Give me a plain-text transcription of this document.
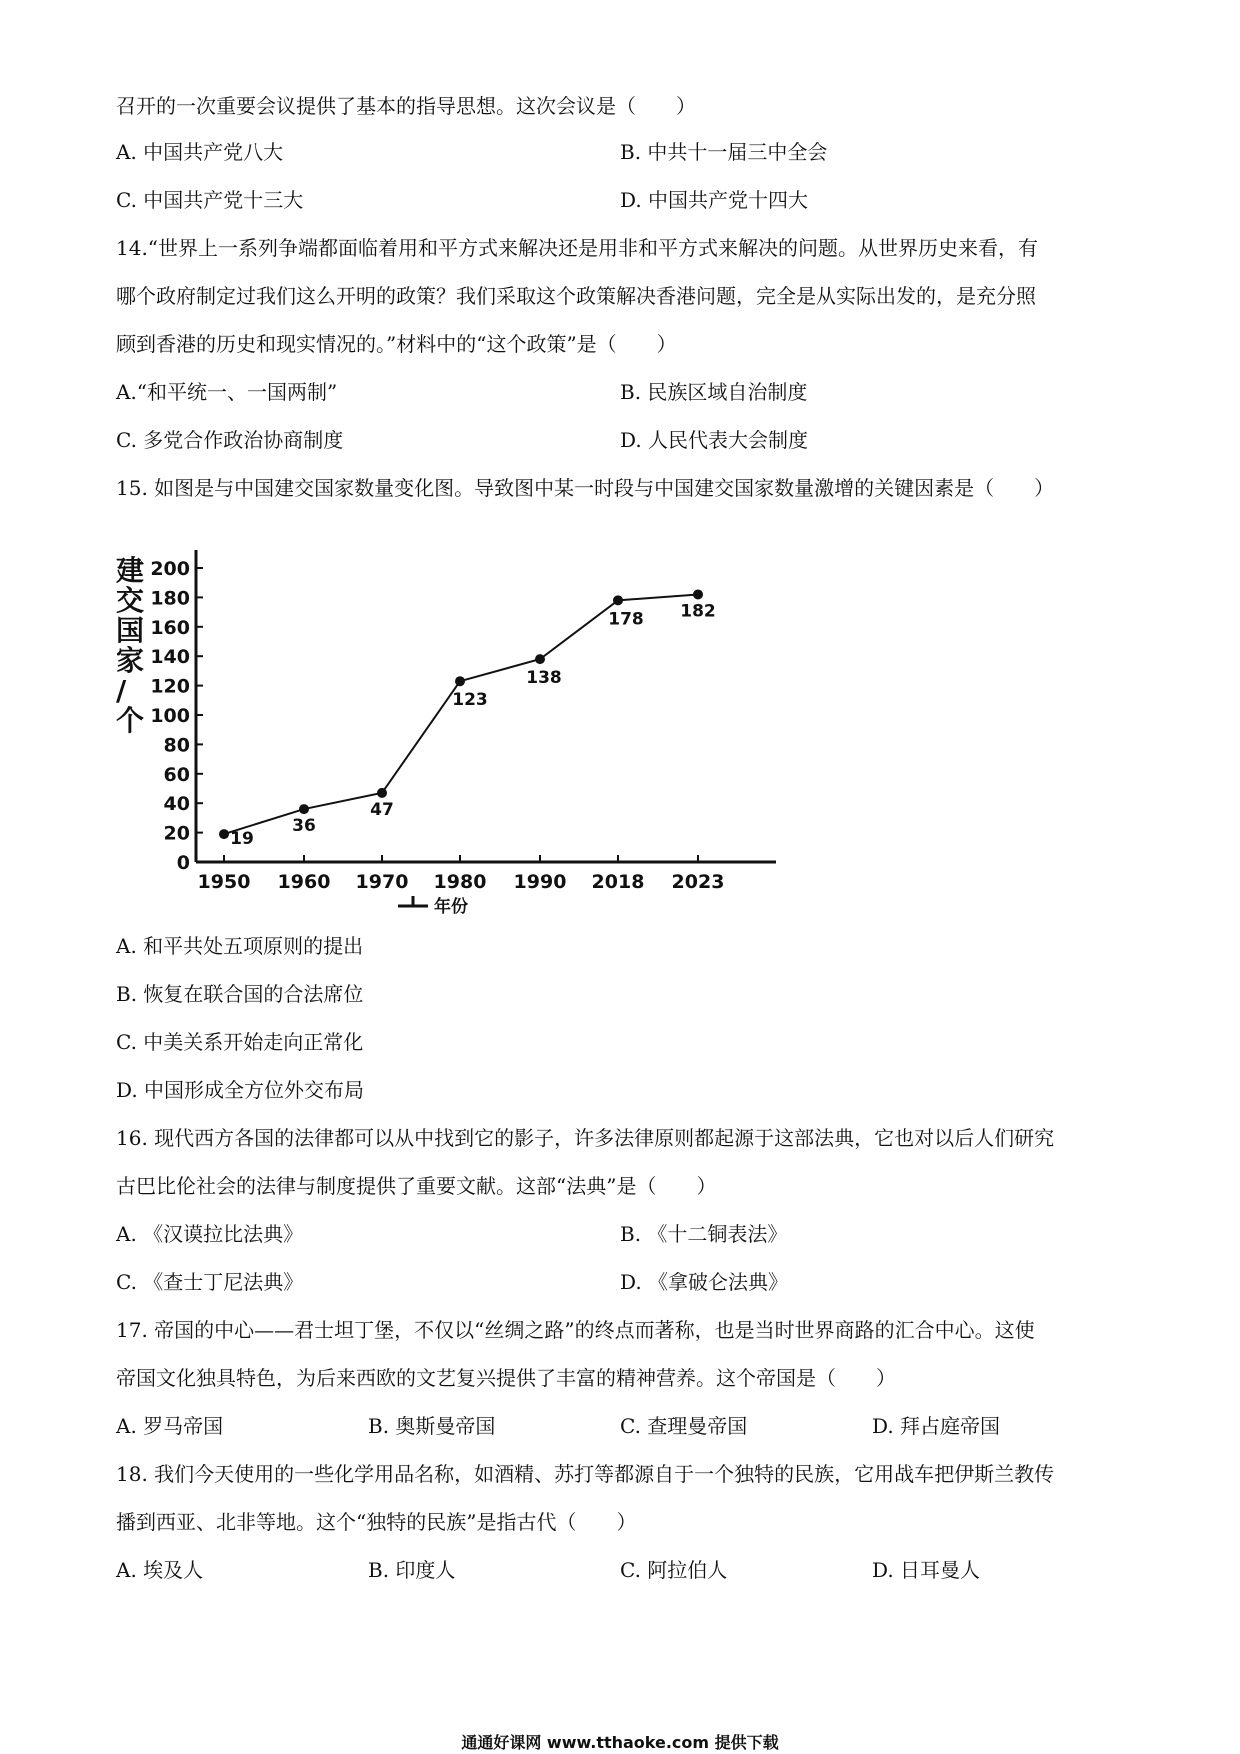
召开的一次重要会议提供了基本的指导思想。这次会议是（　　）
A. 中国共产党八大	B. 中共十一届三中全会
C. 中国共产党十三大	D. 中国共产党十四大
14.“世界上一系列争端都面临着用和平方式来解决还是用非和平方式来解决的问题。从世界历史来看，有
哪个政府制定过我们这么开明的政策？我们采取这个政策解决香港问题，完全是从实际出发的，是充分照
顾到香港的历史和现实情况的。”材料中的“这个政策”是（　　）
A.“和平统一、一国两制”	B. 民族区域自治制度
C. 多党合作政治协商制度	D. 人民代表大会制度
15. 如图是与中国建交国家数量变化图。导致图中某一时段与中国建交国家数量激增的关键因素是（　　）
0
20
40
60
80
100
120
140
160
180
200
1950 1960 1970 1980 1990 2018 2023
年份
建交国家/个
19
36
47
123
138
178 182
A. 和平共处五项原则的提出
B. 恢复在联合国的合法席位
C. 中美关系开始走向正常化
D. 中国形成全方位外交布局
16. 现代西方各国的法律都可以从中找到它的影子，许多法律原则都起源于这部法典，它也对以后人们研究
古巴比伦社会的法律与制度提供了重要文献。这部“法典”是（　　）
A. 《汉谟拉比法典》	B. 《十二铜表法》
C. 《查士丁尼法典》	D. 《拿破仑法典》
17. 帝国的中心——君士坦丁堡，不仅以“丝绸之路”的终点而著称，也是当时世界商路的汇合中心。这使
帝国文化独具特色，为后来西欧的文艺复兴提供了丰富的精神营养。这个帝国是（　　）
A. 罗马帝国	B. 奥斯曼帝国	C. 查理曼帝国	D. 拜占庭帝国
18. 我们今天使用的一些化学用品名称，如酒精、苏打等都源自于一个独特的民族，它用战车把伊斯兰教传
播到西亚、北非等地。这个“独特的民族”是指古代（　　）
A. 埃及人	B. 印度人	C. 阿拉伯人	D. 日耳曼人
通通好课网 www.tthaoke.com 提供下载
